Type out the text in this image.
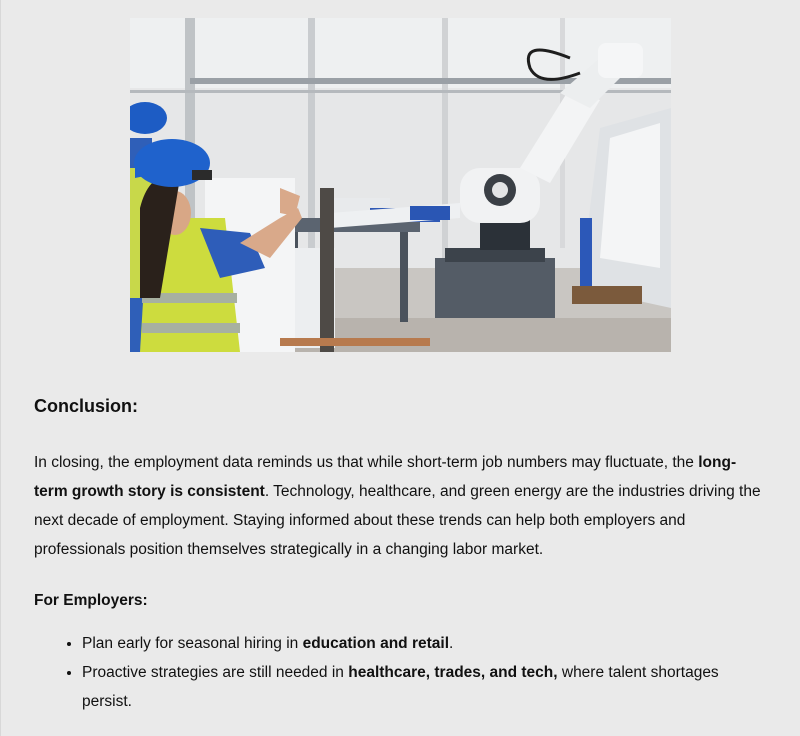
Conclusion:

In closing, the employment data reminds us that while short-term job numbers may fluctuate, the long-term growth story is consistent. Technology, healthcare, and green energy are the industries driving the next decade of employment. Staying informed about these trends can help both employers and professionals position themselves strategically in a changing labor market.

For Employers:
• Plan early for seasonal hiring in education and retail.
• Proactive strategies are still needed in healthcare, trades, and tech, where talent shortages persist.
